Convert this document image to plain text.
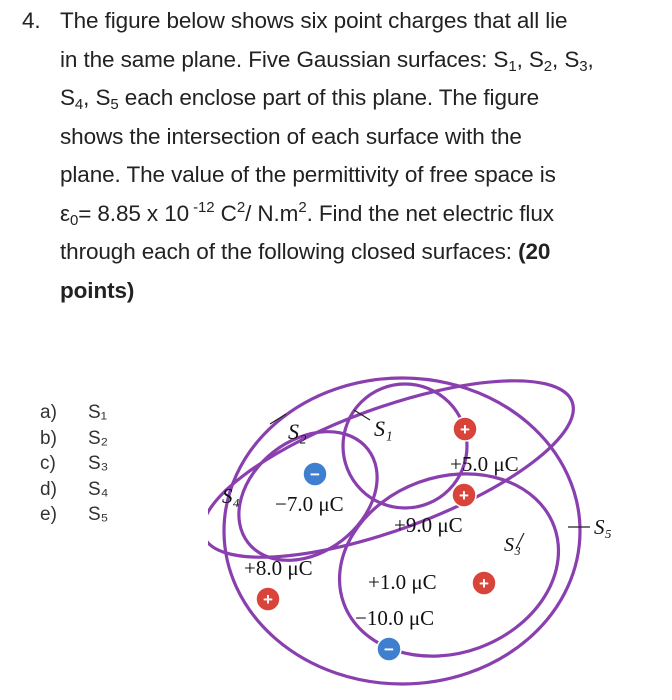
4. The figure below shows six point charges that all lie
in the same plane. Five Gaussian surfaces: $S_1$, $S_2$, $S_3$,
$S_4$, $S_5$ each enclose part of this plane. The figure
shows the intersection of each surface with the
plane. The value of the permittivity of free space is
$\varepsilon_0= 8.85$ x 10 $^{-12}$ $C^2/$ $N.m^2$. Find the net electric flux
through each of the following closed surfaces: (20
points)
a)	S₁
b)	S₂
c)	S₃
d)	S₄
e)	S₅
S₂	S₁
S₄
S₃
S₅
+
−
+
+
+
−
+5.0 μC
−7.0 μC
+9.0 μC
+8.0 μC
+1.0 μC
−10.0 μC
